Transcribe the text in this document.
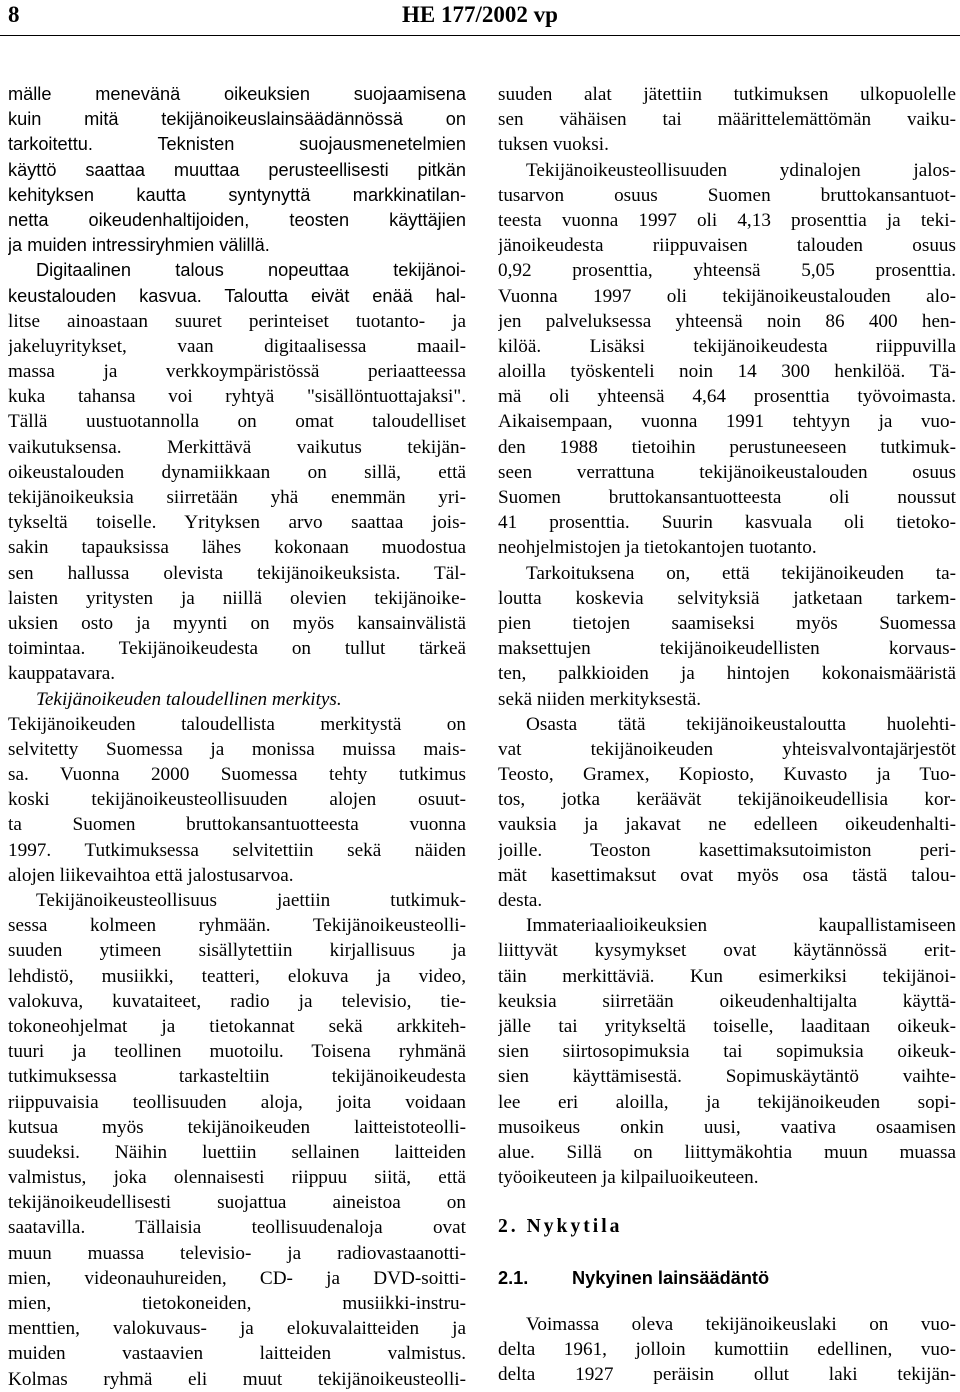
8	HE 177/2002 vp
mälle menevänä oikeuksien suojaamisena
kuin mitä tekijänoikeuslainsäädännössä on
tarkoitettu. Teknisten suojausmenetelmien
käyttö saattaa muuttaa perusteellisesti pitkän
kehityksen kautta syntynyttä markkinatilan-
netta oikeudenhaltijoiden, teosten käyttäjien
ja muiden intressiryhmien välillä.
Digitaalinen talous nopeuttaa tekijänoi-
keustalouden kasvua. Taloutta eivät enää hal-
litse ainoastaan suuret perinteiset tuotanto- ja
jakeluyritykset, vaan digitaalisessa maail-
massa ja verkkoympäristössä periaatteessa
kuka tahansa voi ryhtyä "sisällöntuottajaksi".
Tällä uustuotannolla on omat taloudelliset
vaikutuksensa. Merkittävä vaikutus tekijän-
oikeustalouden dynamiikkaan on sillä, että
tekijänoikeuksia siirretään yhä enemmän yri-
tykseltä toiselle. Yrityksen arvo saattaa jois-
sakin tapauksissa lähes kokonaan muodostua
sen hallussa olevista tekijänoikeuksista. Täl-
laisten yritysten ja niillä olevien tekijänoike-
uksien osto ja myynti on myös kansainvälistä
toimintaa. Tekijänoikeudesta on tullut tärkeä
kauppatavara.
Tekijänoikeuden taloudellinen merkitys.
Tekijänoikeuden taloudellista merkitystä on
selvitetty Suomessa ja monissa muissa mais-
sa. Vuonna 2000 Suomessa tehty tutkimus
koski tekijänoikeusteollisuuden alojen osuut-
ta Suomen bruttokansantuotteesta vuonna
1997. Tutkimuksessa selvitettiin sekä näiden
alojen liikevaihtoa että jalostusarvoa.
Tekijänoikeusteollisuus jaettiin tutkimuk-
sessa kolmeen ryhmään. Tekijänoikeusteolli-
suuden ytimeen sisällytettiin kirjallisuus ja
lehdistö, musiikki, teatteri, elokuva ja video,
valokuva, kuvataiteet, radio ja televisio, tie-
tokoneohjelmat ja tietokannat sekä arkkiteh-
tuuri ja teollinen muotoilu. Toisena ryhmänä
tutkimuksessa tarkasteltiin tekijänoikeudesta
riippuvaisia teollisuuden aloja, joita voidaan
kutsua myös tekijänoikeuden laitteistoteolli-
suudeksi. Näihin luettiin sellainen laitteiden
valmistus, joka olennaisesti riippuu siitä, että
tekijänoikeudellisesti suojattua aineistoa on
saatavilla. Tällaisia teollisuudenaloja ovat
muun muassa televisio- ja radiovastaanotti-
mien, videonauhureiden, CD- ja DVD-soitti-
mien, tietokoneiden, musiikki-instru-
menttien, valokuvaus- ja elokuvalaitteiden ja
muiden vastaavien laitteiden valmistus.
Kolmas ryhmä eli muut tekijänoikeusteolli-
suuden alat jätettiin tutkimuksen ulkopuolelle
sen vähäisen tai määrittelemättömän vaiku-
tuksen vuoksi.
Tekijänoikeusteollisuuden ydinalojen jalos-
tusarvon osuus Suomen bruttokansantuot-
teesta vuonna 1997 oli 4,13 prosenttia ja teki-
jänoikeudesta riippuvaisen talouden osuus
0,92 prosenttia, yhteensä 5,05 prosenttia.
Vuonna 1997 oli tekijänoikeustalouden alo-
jen palveluksessa yhteensä noin 86 400 hen-
kilöä. Lisäksi tekijänoikeudesta riippuvilla
aloilla työskenteli noin 14 300 henkilöä. Tä-
mä oli yhteensä 4,64 prosenttia työvoimasta.
Aikaisempaan, vuonna 1991 tehtyyn ja vuo-
den 1988 tietoihin perustuneeseen tutkimuk-
seen verrattuna tekijänoikeustalouden osuus
Suomen bruttokansantuotteesta oli noussut
41 prosenttia. Suurin kasvuala oli tietoko-
neohjelmistojen ja tietokantojen tuotanto.
Tarkoituksena on, että tekijänoikeuden ta-
loutta koskevia selvityksiä jatketaan tarkem-
pien tietojen saamiseksi myös Suomessa
maksettujen tekijänoikeudellisten korvaus-
ten, palkkioiden ja hintojen kokonaismääristä
sekä niiden merkityksestä.
Osasta tätä tekijänoikeustaloutta huolehti-
vat tekijänoikeuden yhteisvalvontajärjestöt
Teosto, Gramex, Kopiosto, Kuvasto ja Tuo-
tos, jotka keräävät tekijänoikeudellisia kor-
vauksia ja jakavat ne edelleen oikeudenhalti-
joille. Teoston kasettimaksutoimiston peri-
mät kasettimaksut ovat myös osa tästä talou-
desta.
Immateriaalioikeuksien kaupallistamiseen
liittyvät kysymykset ovat käytännössä erit-
täin merkittäviä. Kun esimerkiksi tekijänoi-
keuksia siirretään oikeudenhaltijalta käyttä-
jälle tai yritykseltä toiselle, laaditaan oikeuk-
sien siirtosopimuksia tai sopimuksia oikeuk-
sien käyttämisestä. Sopimuskäytäntö vaihte-
lee eri aloilla, ja tekijänoikeuden sopi-
musoikeus onkin uusi, vaativa osaamisen
alue. Sillä on liittymäkohtia muun muassa
työoikeuteen ja kilpailuoikeuteen.
2. Nykytila
2.1. Nykyinen lainsäädäntö
Voimassa oleva tekijänoikeuslaki on vuo-
delta 1961, jolloin kumottiin edellinen, vuo-
delta 1927 peräisin ollut laki tekijän-
